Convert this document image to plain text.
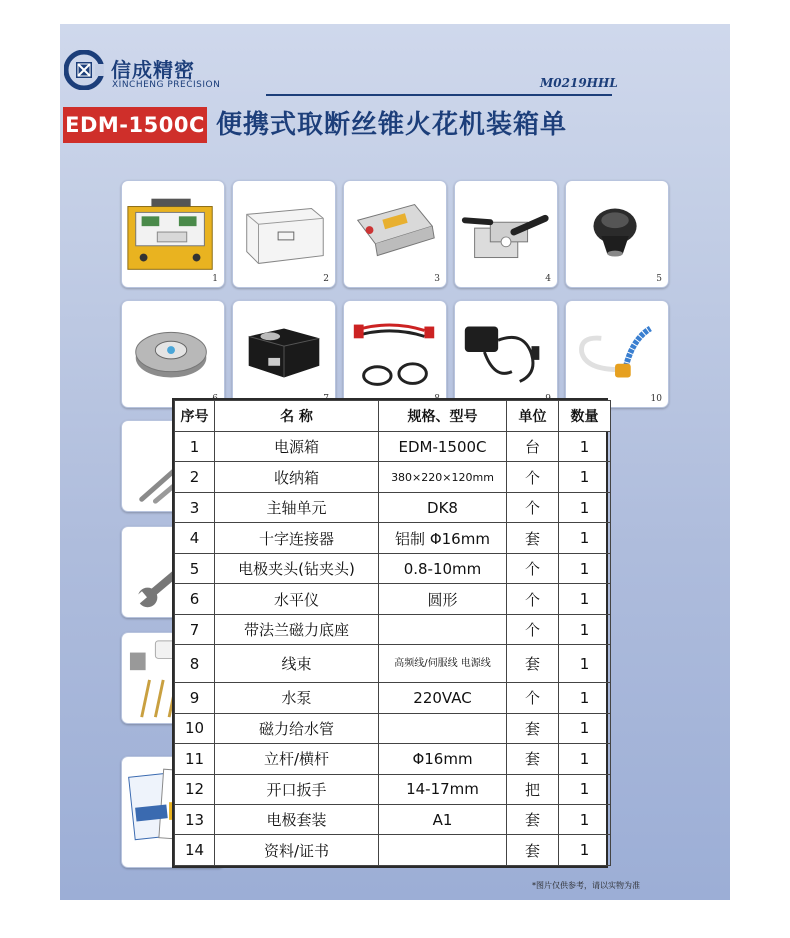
信成精密
XINCHENG PRECISION	M0219HHL
EDM-1500C 便携式取断丝锥火花机装箱单
1	2	3	4	5
10
序号	名 称	规格、型号	单位	数量
1	电源箱	EDM-1500C	台	1
2	收纳箱	380×220×120mm	个	1
3	主轴单元	DK8	个	1
4	十字连接器	铝制 Φ16mm	套	1
5	电极夹头(钻夹头)	0.8-10mm	个	1
6	水平仪	圆形	个	1
7	带法兰磁力底座		个	1
8	线束	高频线/伺服线 电源线	套	1
9	水泵	220VAC	个	1
10	磁力给水管		套	1
11	立杆/横杆	Φ16mm	套	1
12	开口扳手	14-17mm	把	1
13	电极套装	A1	套	1
14	资料/证书		套	1
*图片仅供参考，请以实物为准
